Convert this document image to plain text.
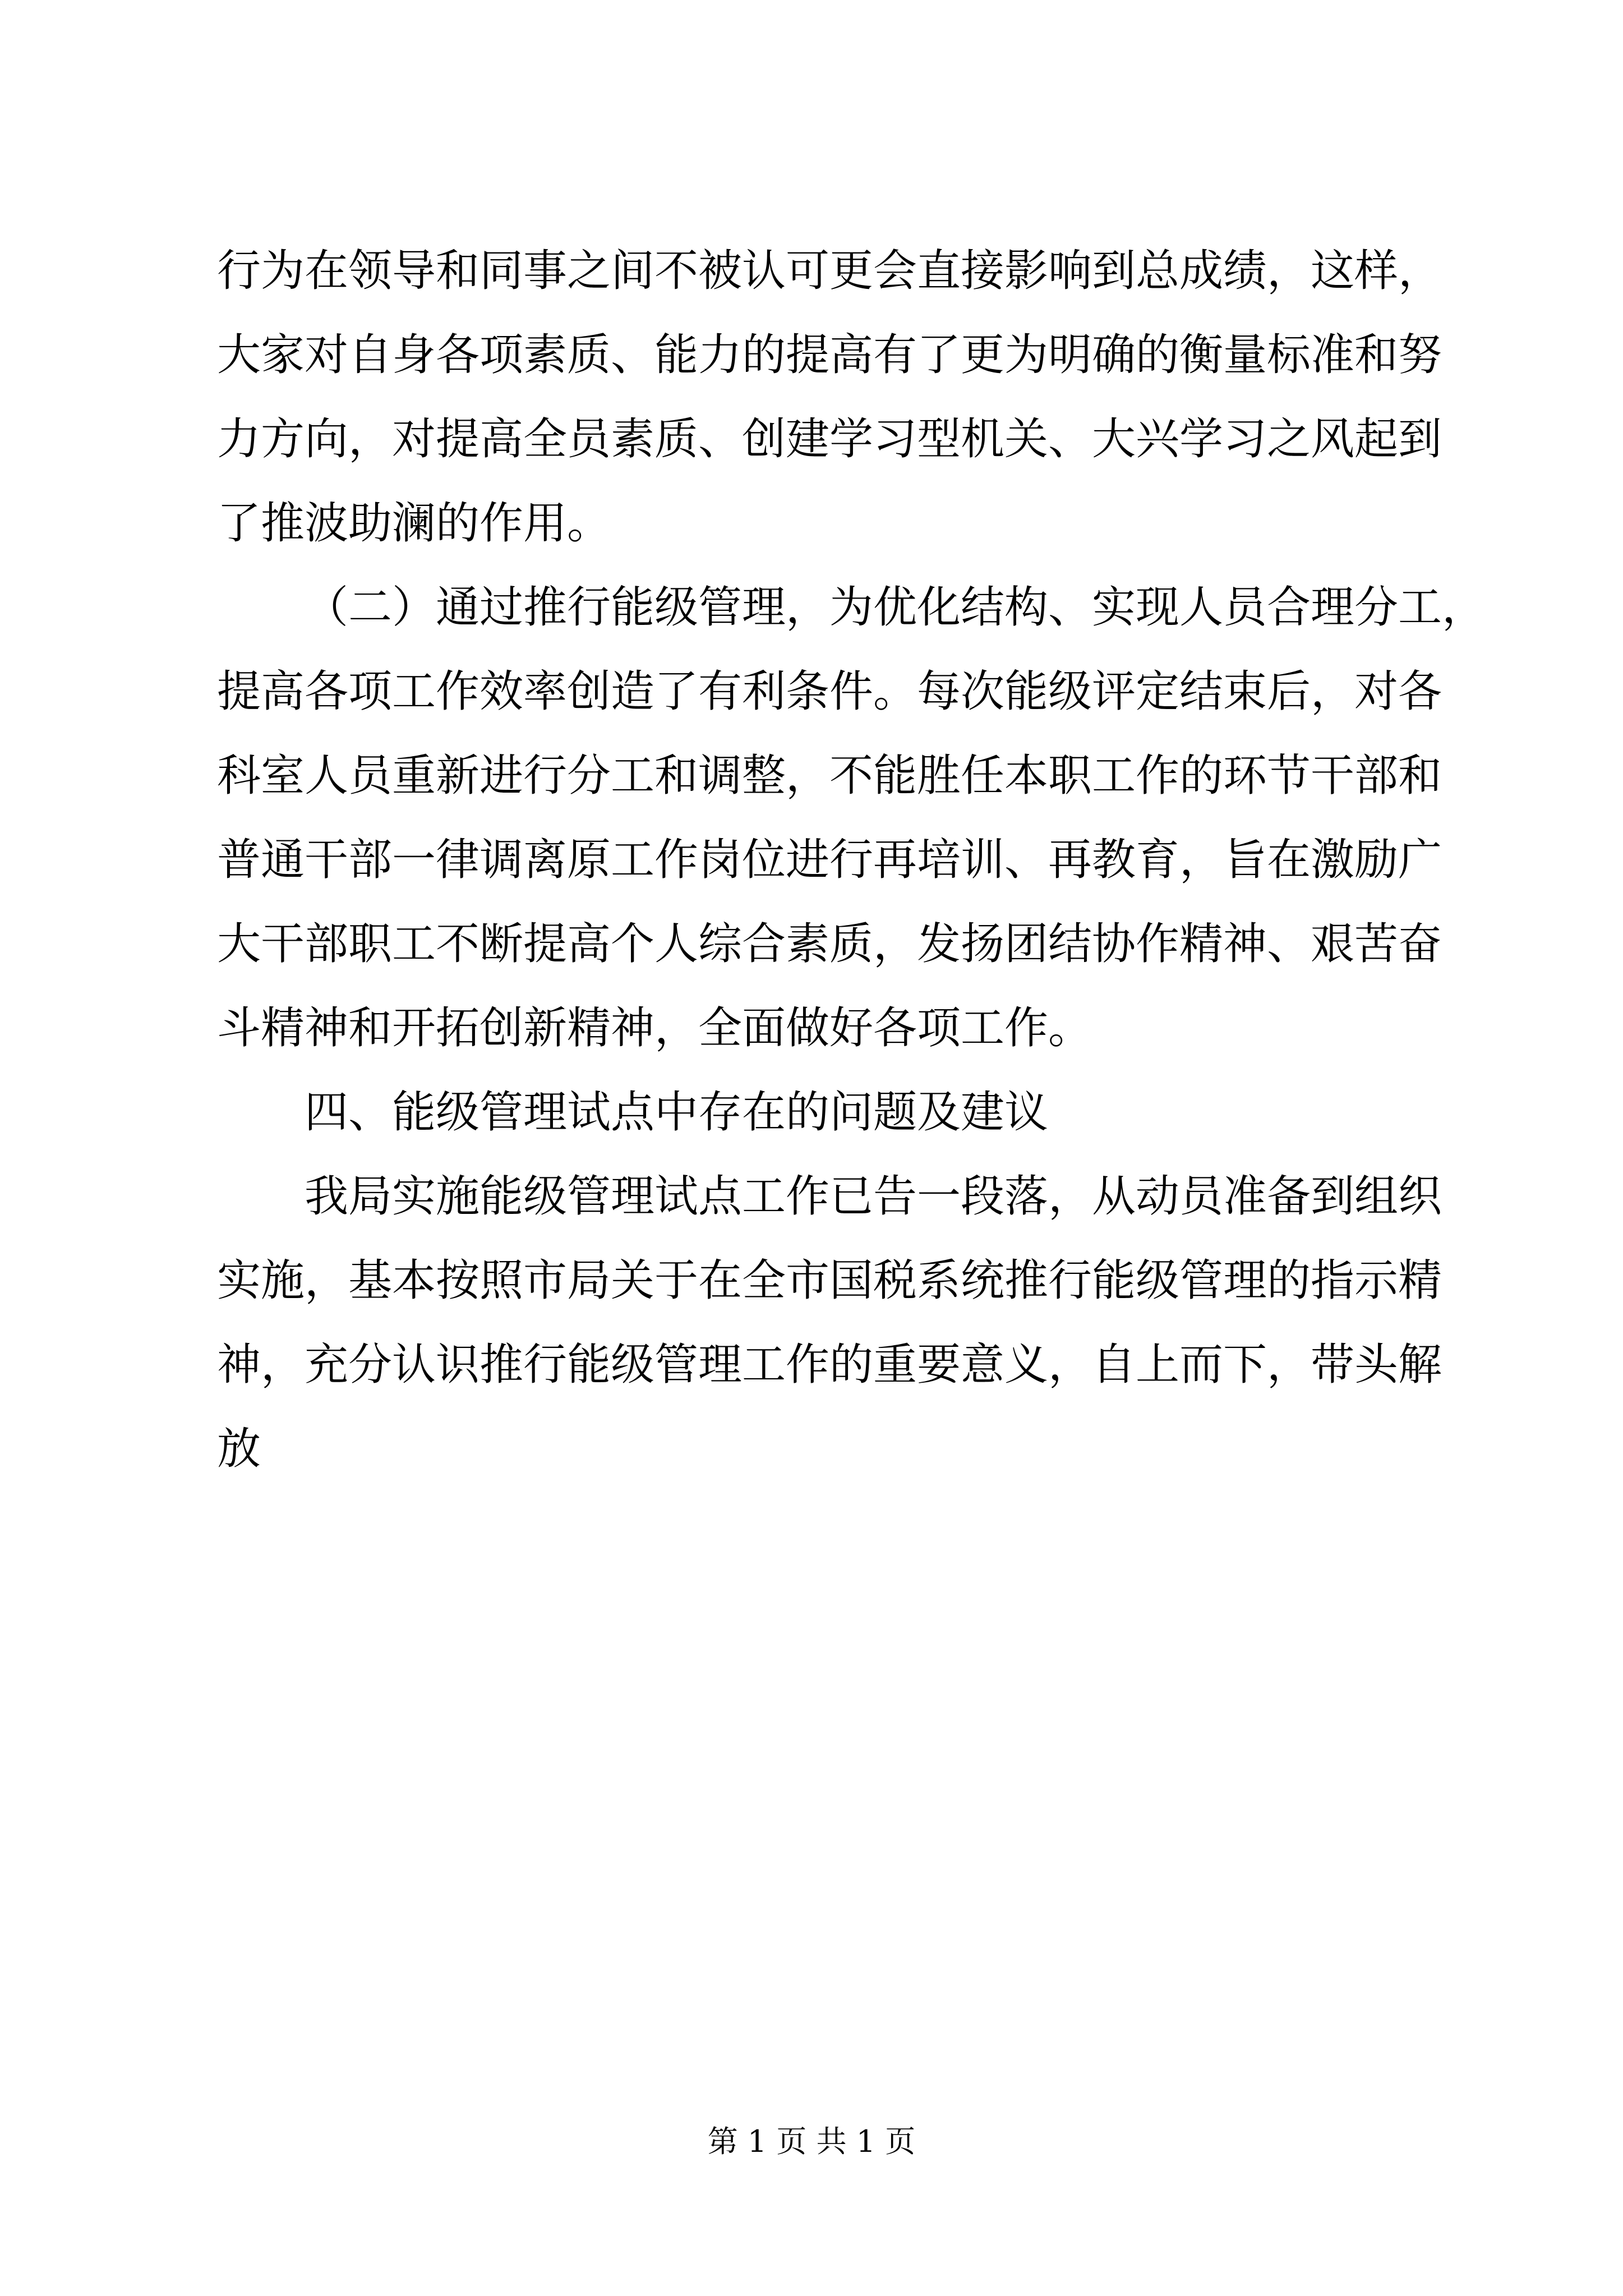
行为在领导和同事之间不被认可更会直接影响到总成绩，这样，
大家对自身各项素质、能力的提高有了更为明确的衡量标准和努
力方向，对提高全员素质、创建学习型机关、大兴学习之风起到
了推波助澜的作用。
（二）通过推行能级管理，为优化结构、实现人员合理分工，
提高各项工作效率创造了有利条件。每次能级评定结束后，对各
科室人员重新进行分工和调整，不能胜任本职工作的环节干部和
普通干部一律调离原工作岗位进行再培训、再教育，旨在激励广
大干部职工不断提高个人综合素质，发扬团结协作精神、艰苦奋
斗精神和开拓创新精神，全面做好各项工作。
四、能级管理试点中存在的问题及建议
我局实施能级管理试点工作已告一段落，从动员准备到组织
实施，基本按照市局关于在全市国税系统推行能级管理的指示精
神，充分认识推行能级管理工作的重要意义，自上而下，带头解
放
第 1 页 共 1 页
